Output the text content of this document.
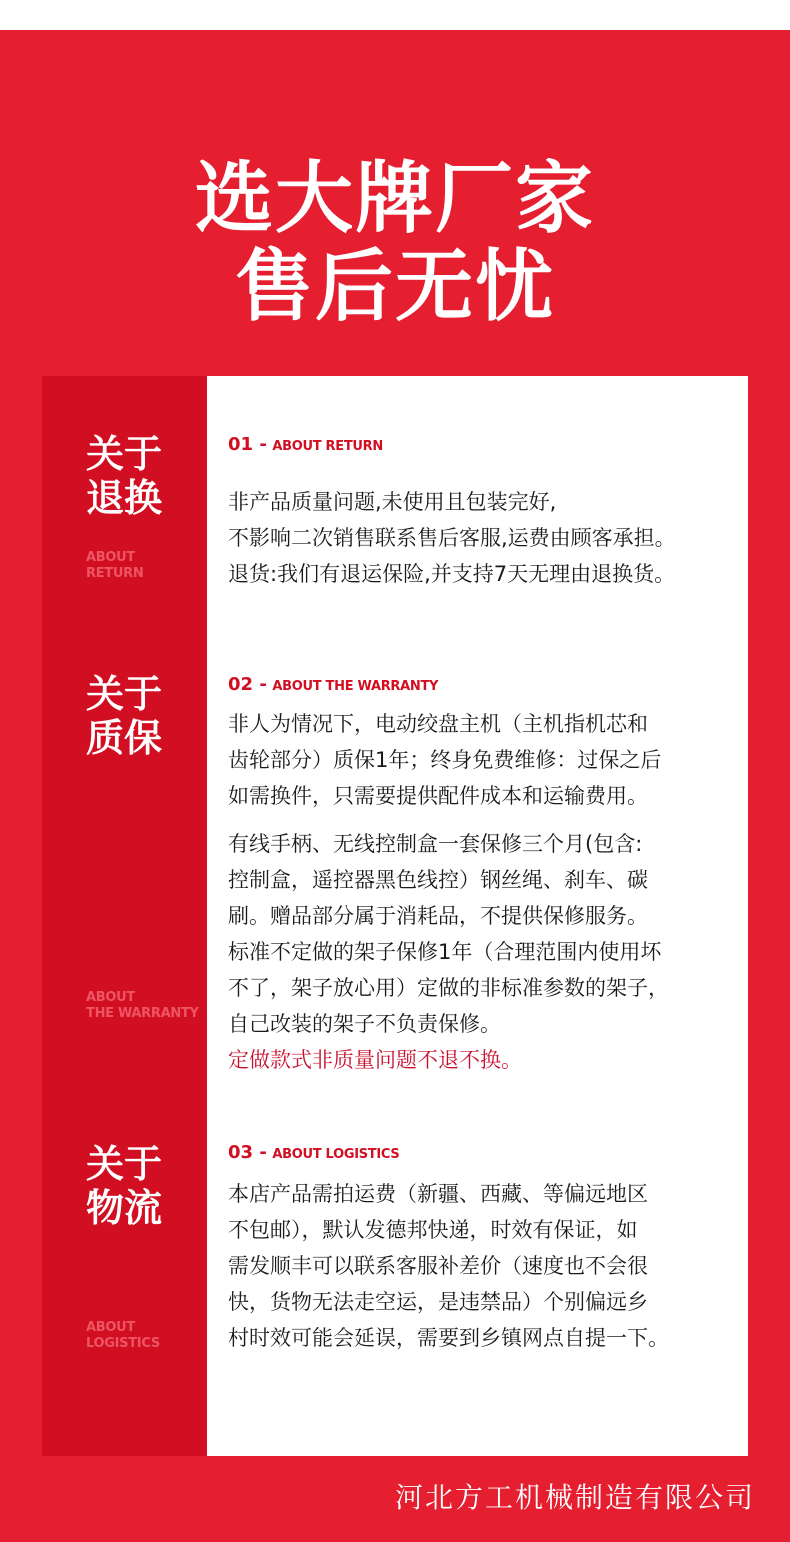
选大牌厂家
售后无忧
关于
退换
ABOUT
RETURN
关于
质保
ABOUT
THE WARRANTY
关于
物流
ABOUT
LOGISTICS
01 - ABOUT RETURN

非产品质量问题,未使用且包装完好,

不影响二次销售联系售后客服,运费由顾客承担。

退货:我们有退运保险,并支持7天无理由退换货。

02 - ABOUT THE WARRANTY

非人为情况下，电动绞盘主机（主机指机芯和

齿轮部分）质保1年；终身免费维修：过保之后

如需换件，只需要提供配件成本和运输费用。

有线手柄、无线控制盒一套保修三个月(包含:

控制盒，遥控器黑色线控）钢丝绳、刹车、碳

刷。赠品部分属于消耗品，不提供保修服务。

标准不定做的架子保修1年（合理范围内使用坏

不了，架子放心用）定做的非标准参数的架子，

自己改装的架子不负责保修。

定做款式非质量问题不退不换。

03 - ABOUT LOGISTICS

本店产品需拍运费（新疆、西藏、等偏远地区

不包邮），默认发德邦快递，时效有保证，如

需发顺丰可以联系客服补差价（速度也不会很

快，货物无法走空运，是违禁品）个别偏远乡

村时效可能会延误，需要到乡镇网点自提一下。

河北方工机械制造有限公司
